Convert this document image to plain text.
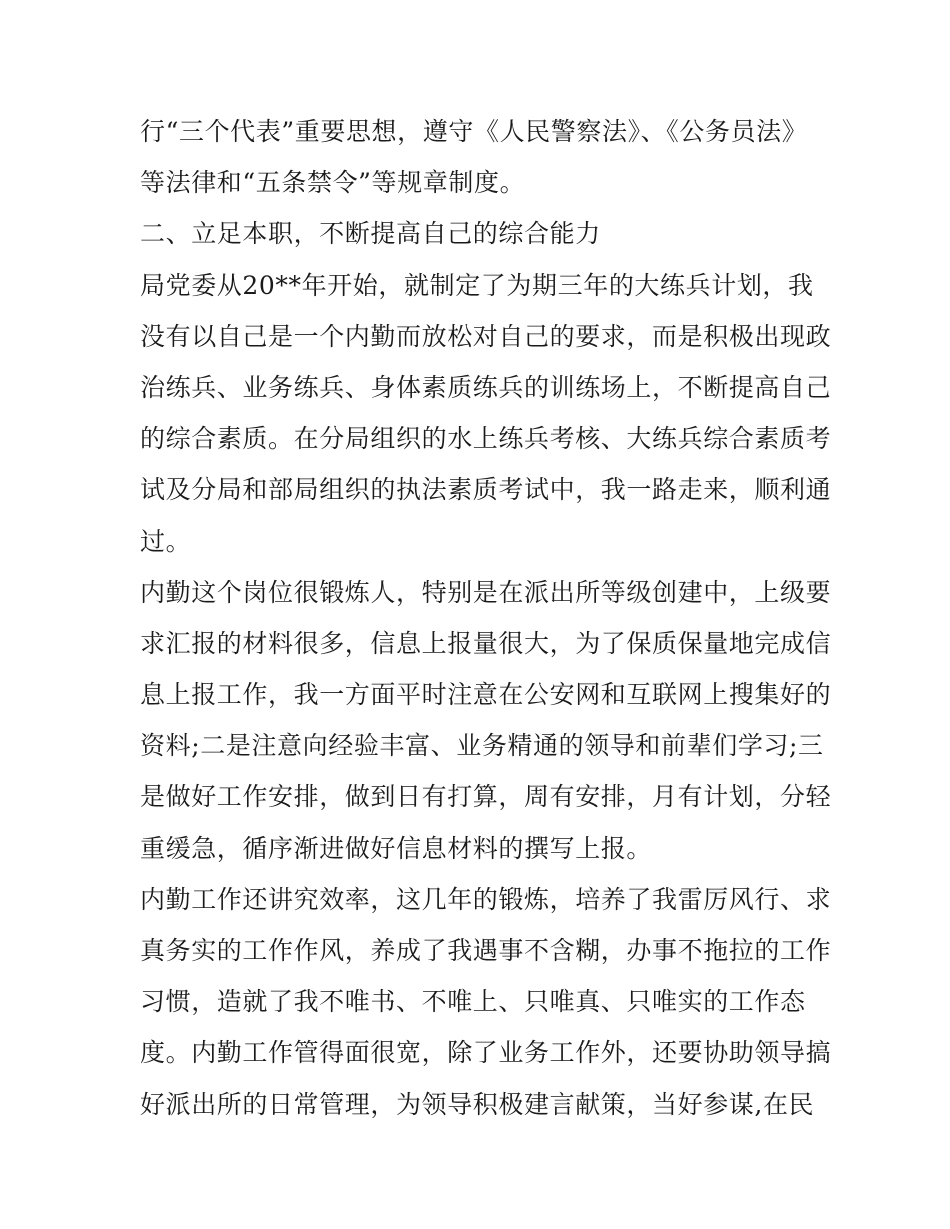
行“三个代表”重要思想，遵守《人民警察法》、《公务员法》
等法律和“五条禁令”等规章制度。
二、立足本职，不断提高自己的综合能力
局党委从20**年开始，就制定了为期三年的大练兵计划，我
没有以自己是一个内勤而放松对自己的要求，而是积极出现政
治练兵、业务练兵、身体素质练兵的训练场上，不断提高自己
的综合素质。在分局组织的水上练兵考核、大练兵综合素质考
试及分局和部局组织的执法素质考试中，我一路走来，顺利通
过。
内勤这个岗位很锻炼人，特别是在派出所等级创建中，上级要
求汇报的材料很多，信息上报量很大，为了保质保量地完成信
息上报工作，我一方面平时注意在公安网和互联网上搜集好的
资料;二是注意向经验丰富、业务精通的领导和前辈们学习;三
是做好工作安排，做到日有打算，周有安排，月有计划，分轻
重缓急，循序渐进做好信息材料的撰写上报。
内勤工作还讲究效率，这几年的锻炼，培养了我雷厉风行、求
真务实的工作作风，养成了我遇事不含糊，办事不拖拉的工作
习惯，造就了我不唯书、不唯上、只唯真、只唯实的工作态
度。内勤工作管得面很宽，除了业务工作外，还要协助领导搞
好派出所的日常管理，为领导积极建言献策，当好参谋,在民
